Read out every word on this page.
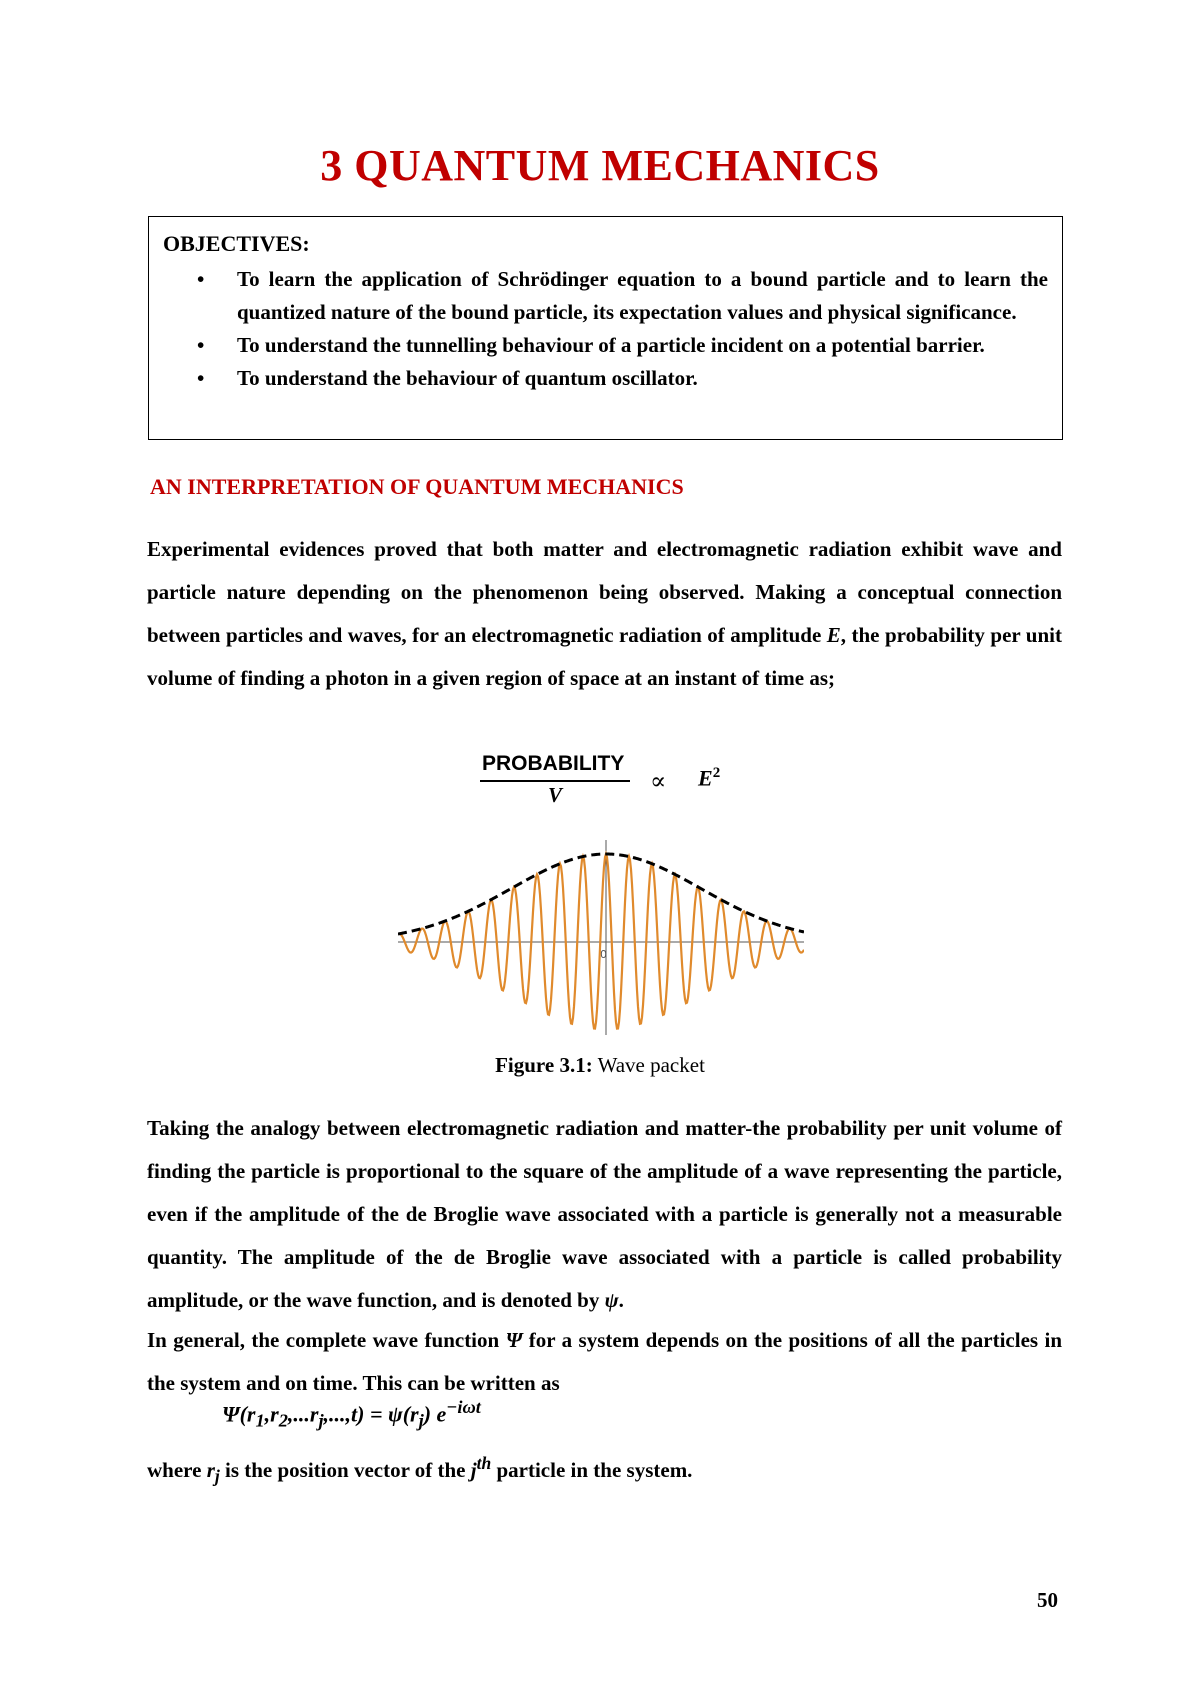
3 QUANTUM MECHANICS
OBJECTIVES:
• To learn the application of Schrödinger equation to a bound particle and to learn the quantized nature of the bound particle, its expectation values and physical significance.
• To understand the tunnelling behaviour of a particle incident on a potential barrier.
• To understand the behaviour of quantum oscillator.
AN INTERPRETATION OF QUANTUM MECHANICS

Experimental evidences proved that both matter and electromagnetic radiation exhibit wave and particle nature depending on the phenomenon being observed. Making a conceptual connection between particles and waves, for an electromagnetic radiation of amplitude E, the probability per unit volume of finding a photon in a given region of space at an instant of time as;

PROBABILITY
V	∝ $E^2$
0

Figure 3.1: Wave packet

Taking the analogy between electromagnetic radiation and matter-the probability per unit volume of finding the particle is proportional to the square of the amplitude of a wave representing the particle, even if the amplitude of the de Broglie wave associated with a particle is generally not a measurable quantity. The amplitude of the de Broglie wave associated with a particle is called probability amplitude, or the wave function, and is denoted by ψ.

In general, the complete wave function Ψ for a system depends on the positions of all the particles in the system and on time. This can be written as

$\Psi(r_1,r_2,...r_j,...,t) = \psi(r_j)$ $e^{-i\omega t}$

where $r_j$ is the position vector of the $j^{th}$ particle in the system.

50
